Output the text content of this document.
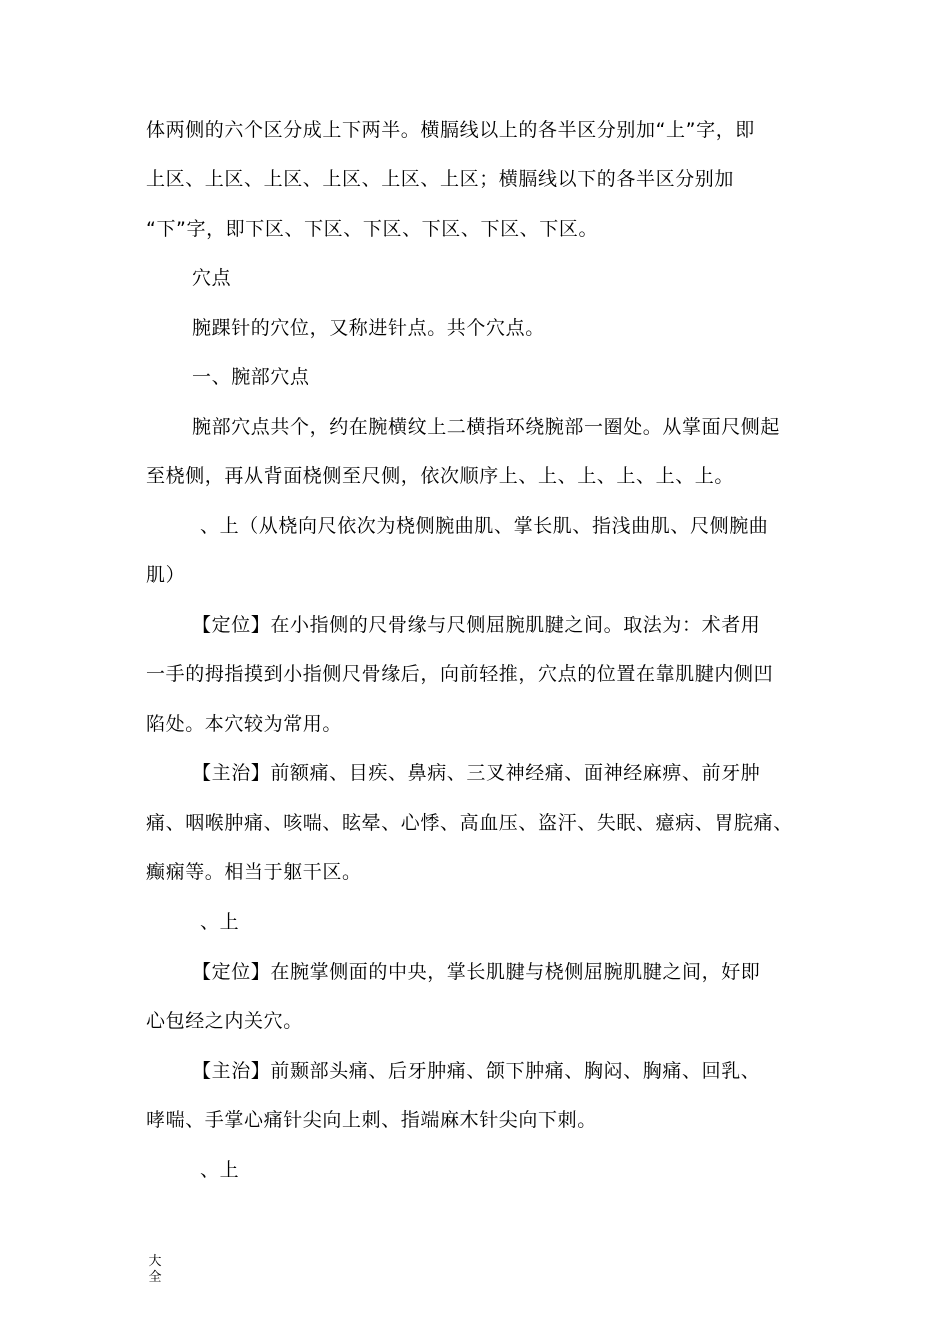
体两侧的六个区分成上下两半。横膈线以上的各半区分别加“上”字，即
上区、上区、上区、上区、上区、上区；横膈线以下的各半区分别加
“下”字，即下区、下区、下区、下区、下区、下区。
穴点
腕踝针的穴位，又称进针点。共个穴点。
一、腕部穴点
腕部穴点共个，约在腕横纹上二横指环绕腕部一圈处。从掌面尺侧起
至桡侧，再从背面桡侧至尺侧，依次顺序上、上、上、上、上、上。
、上（从桡向尺依次为桡侧腕曲肌、掌长肌、指浅曲肌、尺侧腕曲
肌）
【定位】在小指侧的尺骨缘与尺侧屈腕肌腱之间。取法为：术者用
一手的拇指摸到小指侧尺骨缘后，向前轻推，穴点的位置在靠肌腱内侧凹
陷处。本穴较为常用。
【主治】前额痛、目疾、鼻病、三叉神经痛、面神经麻痹、前牙肿
痛、咽喉肿痛、咳喘、眩晕、心悸、高血压、盗汗、失眠、癔病、胃脘痛、
癫痫等。相当于躯干区。
、上
【定位】在腕掌侧面的中央，掌长肌腱与桡侧屈腕肌腱之间，好即
心包经之内关穴。
【主治】前颞部头痛、后牙肿痛、颌下肿痛、胸闷、胸痛、回乳、
哮喘、手掌心痛针尖向上刺、指端麻木针尖向下刺。
、上
大全
